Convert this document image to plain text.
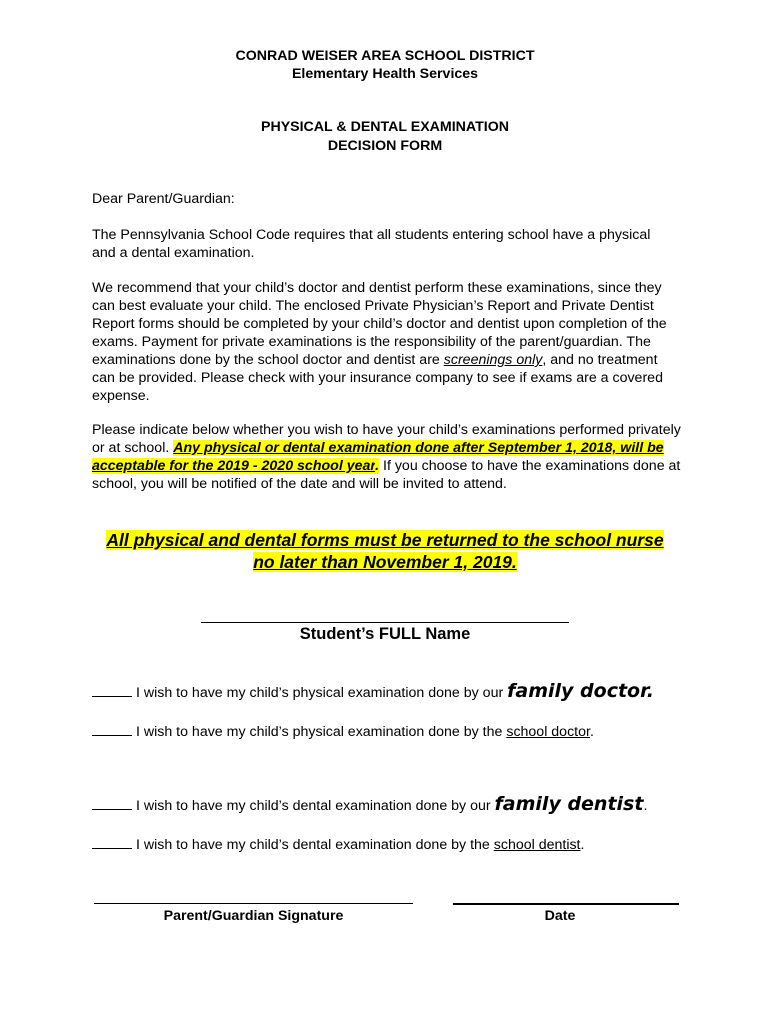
CONRAD WEISER AREA SCHOOL DISTRICT
Elementary Health Services
PHYSICAL & DENTAL EXAMINATION
DECISION FORM
Dear Parent/Guardian:
The Pennsylvania School Code requires that all students entering school have a physical and a dental examination.
We recommend that your child’s doctor and dentist perform these examinations, since they can best evaluate your child. The enclosed Private Physician’s Report and Private Dentist Report forms should be completed by your child’s doctor and dentist upon completion of the exams. Payment for private examinations is the responsibility of the parent/guardian. The examinations done by the school doctor and dentist are screenings only, and no treatment can be provided. Please check with your insurance company to see if exams are a covered expense.
Please indicate below whether you wish to have your child’s examinations performed privately or at school. Any physical or dental examination done after September 1, 2018, will be acceptable for the 2019 - 2020 school year. If you choose to have the examinations done at school, you will be notified of the date and will be invited to attend.
All physical and dental forms must be returned to the school nurse
no later than November 1, 2019.
Student’s FULL Name
I wish to have my child’s physical examination done by our family doctor.
I wish to have my child’s physical examination done by the school doctor.
I wish to have my child’s dental examination done by our family dentist.
I wish to have my child’s dental examination done by the school dentist.
Parent/Guardian Signature	Date
